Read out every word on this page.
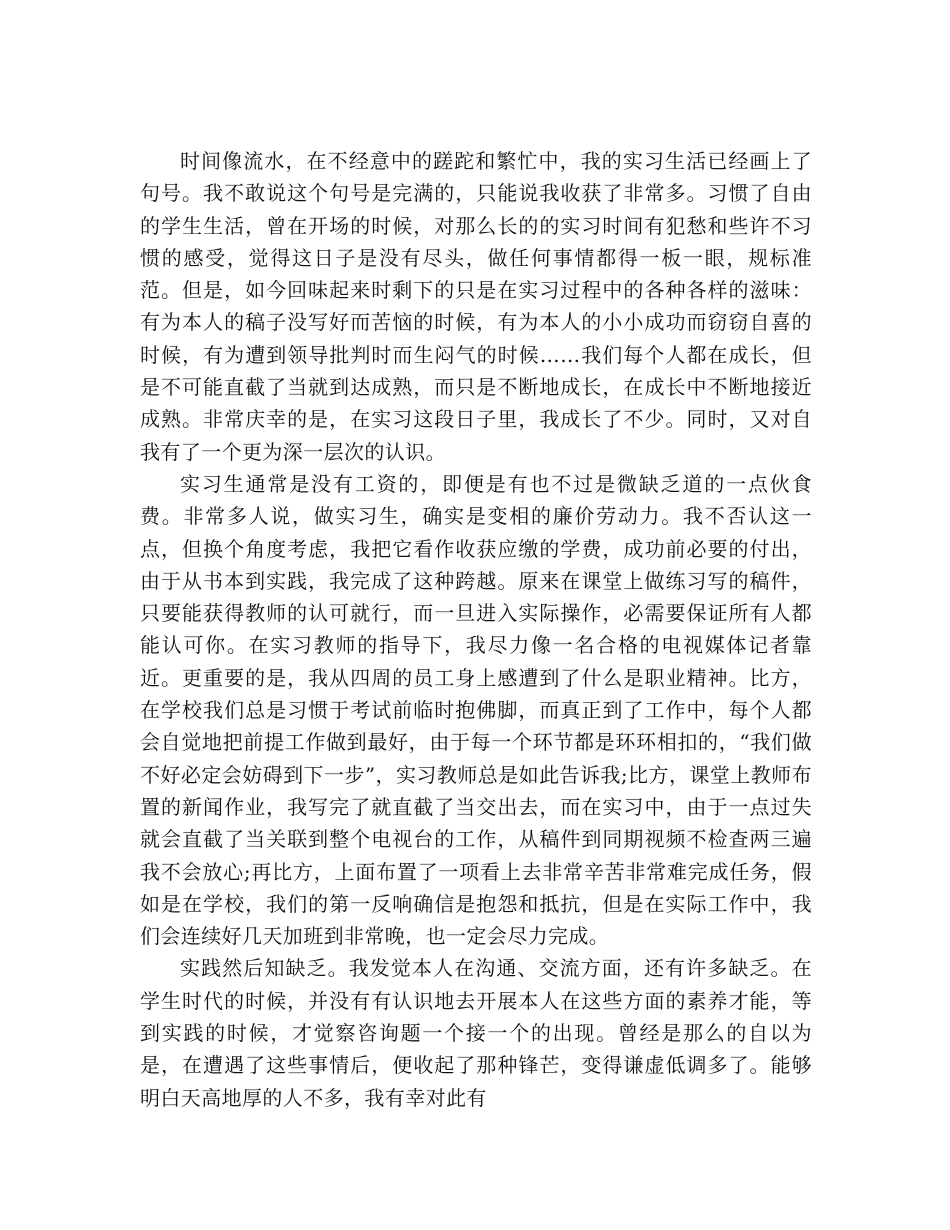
时间像流水，在不经意中的蹉跎和繁忙中，我的实习生活已经画上了句号。我不敢说这个句号是完满的，只能说我收获了非常多。习惯了自由的学生生活，曾在开场的时候，对那么长的的实习时间有犯愁和些许不习惯的感受，觉得这日子是没有尽头，做任何事情都得一板一眼，规标准范。但是，如今回味起来时剩下的只是在实习过程中的各种各样的滋味：有为本人的稿子没写好而苦恼的时候，有为本人的小小成功而窃窃自喜的时候，有为遭到领导批判时而生闷气的时候……我们每个人都在成长，但是不可能直截了当就到达成熟，而只是不断地成长，在成长中不断地接近成熟。非常庆幸的是，在实习这段日子里，我成长了不少。同时，又对自我有了一个更为深一层次的认识。

实习生通常是没有工资的，即便是有也不过是微缺乏道的一点伙食费。非常多人说，做实习生，确实是变相的廉价劳动力。我不否认这一点，但换个角度考虑，我把它看作收获应缴的学费，成功前必要的付出，由于从书本到实践，我完成了这种跨越。原来在课堂上做练习写的稿件，只要能获得教师的认可就行，而一旦进入实际操作，必需要保证所有人都能认可你。在实习教师的指导下，我尽力像一名合格的电视媒体记者靠近。更重要的是，我从四周的员工身上感遭到了什么是职业精神。比方，在学校我们总是习惯于考试前临时抱佛脚，而真正到了工作中，每个人都会自觉地把前提工作做到最好，由于每一个环节都是环环相扣的，“我们做不好必定会妨碍到下一步”，实习教师总是如此告诉我;比方，课堂上教师布置的新闻作业，我写完了就直截了当交出去，而在实习中，由于一点过失就会直截了当关联到整个电视台的工作，从稿件到同期视频不检查两三遍我不会放心;再比方，上面布置了一项看上去非常辛苦非常难完成任务，假如是在学校，我们的第一反响确信是抱怨和抵抗，但是在实际工作中，我们会连续好几天加班到非常晚，也一定会尽力完成。

实践然后知缺乏。我发觉本人在沟通、交流方面，还有许多缺乏。在学生时代的时候，并没有有认识地去开展本人在这些方面的素养才能，等到实践的时候，才觉察咨询题一个接一个的出现。曾经是那么的自以为是，在遭遇了这些事情后，便收起了那种锋芒，变得谦虚低调多了。能够明白天高地厚的人不多，我有幸对此有
